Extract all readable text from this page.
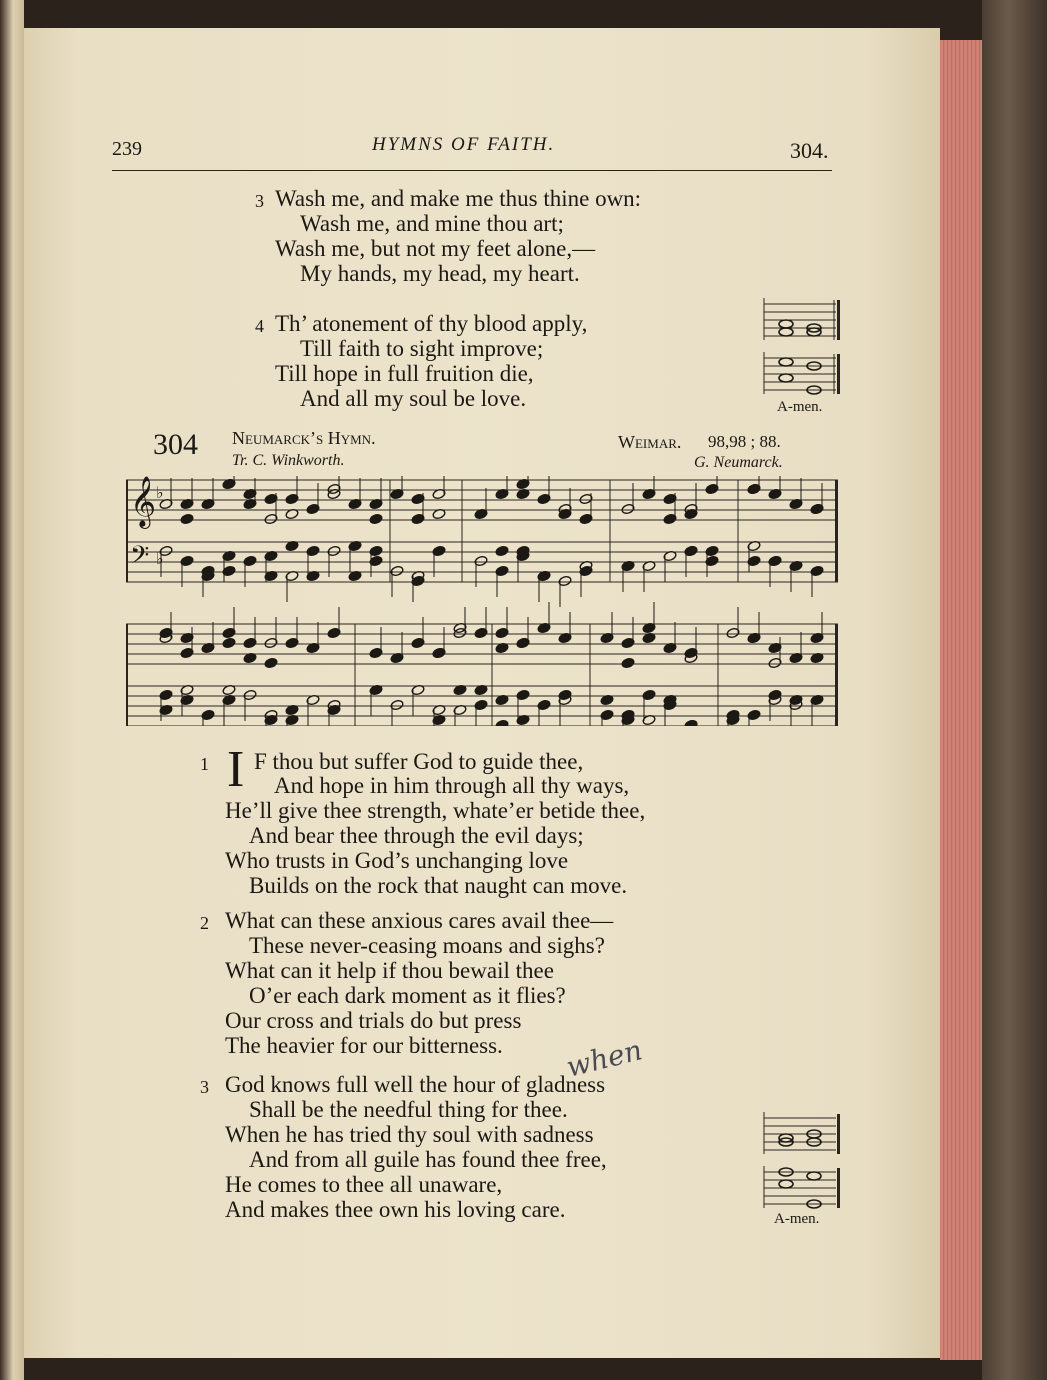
239	HYMNS OF FAITH.	304.
3 Wash me, and make me thus thine own:
Wash me, and mine thou art;
Wash me, but not my feet alone,—
My hands, my head, my heart.
4 Th’ atonement of thy blood apply,
Till faith to sight improve;
Till hope in full fruition die,
And all my soul be love.	A-men.
304 Neumarck’s Hymn.
Tr. C. Winkworth.
Weimar. 98,98 ; 88.
G. Neumarck.
𝄞
𝄢
♭
♭
1 I F thou but suffer God to guide thee,
And hope in him through all thy ways,
He’ll give thee strength, whate’er betide thee,
And bear thee through the evil days;
Who trusts in God’s unchanging love
Builds on the rock that naught can move.
2 What can these anxious cares avail thee—
These never-ceasing moans and sighs?
What can it help if thou bewail thee
O’er each dark moment as it flies?
Our cross and trials do but press
The heavier for our bitterness. when
3 God knows full well the hour of gladness
Shall be the needful thing for thee.
When he has tried thy soul with sadness
And from all guile has found thee free,
He comes to thee all unaware,
And makes thee own his loving care.	A-men.
